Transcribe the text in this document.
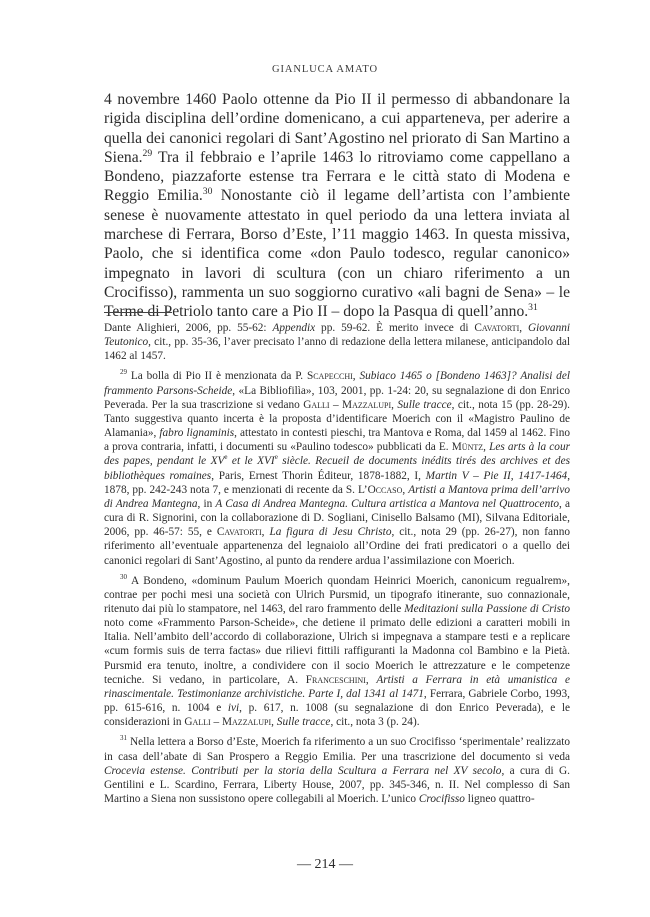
GIANLUCA AMATO

4 novembre 1460 Paolo ottenne da Pio II il permesso di abbandonare la rigida disciplina dell’ordine domenicano, a cui apparteneva, per aderire a quella dei canonici regolari di Sant’Agostino nel priorato di San Martino a Siena.$^{29}$ Tra il febbraio e l’aprile 1463 lo ritroviamo come cappellano a Bondeno, piazzaforte estense tra Ferrara e le città stato di Modena e Reggio Emilia.$^{30}$ Nonostante ciò il legame dell’artista con l’ambiente senese è nuovamente attestato in quel periodo da una lettera inviata al marchese di Ferrara, Borso d’Este, l’11 maggio 1463. In questa missiva, Paolo, che si identifica come «don Paulo todesco, regular canonico» impegnato in lavori di scultura (con un chiaro riferimento a un Crocifisso), rammenta un suo soggiorno curativo «ali bagni de Sena» – le Terme di Petriolo tanto care a Pio II – dopo la Pasqua di quell’anno.$^{31}$

Dante Alighieri, 2006, pp. 55-62: Appendix pp. 59-62. È merito invece di Cavatorti, Giovanni Teutonico, cit., pp. 35-36, l’aver precisato l’anno di redazione della lettera milanese, anticipandolo dal 1462 al 1457.

$^{29}$ La bolla di Pio II è menzionata da P. Scapecchi, Subiaco 1465 o [Bondeno 1463]? Analisi del frammento Parsons-Scheide, «La Bibliofilìa», 103, 2001, pp. 1-24: 20, su segnalazione di don Enrico Peverada. Per la sua trascrizione si vedano Galli – Mazzalupi, Sulle tracce, cit., nota 15 (pp. 28-29). Tanto suggestiva quanto incerta è la proposta d’identificare Moerich con il «Magistro Paulino de Alamania», fabro lignaminis, attestato in contesti pieschi, tra Mantova e Roma, dal 1459 al 1462. Fino a prova contraria, infatti, i documenti su «Paulino todesco» pubblicati da E. Müntz, Les arts à la cour des papes, pendant le XVe et le XVIe siècle. Recueil de documents inédits tirés des archives et des bibliothèques romaines, Paris, Ernest Thorin Éditeur, 1878-1882, I, Martin V – Pie II, 1417-1464, 1878, pp. 242-243 nota 7, e menzionati di recente da S. L’Occaso, Artisti a Mantova prima dell’arrivo di Andrea Mantegna, in A Casa di Andrea Mantegna. Cultura artistica a Mantova nel Quattrocento, a cura di R. Signorini, con la collaborazione di D. Sogliani, Cinisello Balsamo (MI), Silvana Editoriale, 2006, pp. 46-57: 55, e Cavatorti, La figura di Jesu Christo, cit., nota 29 (pp. 26-27), non fanno riferimento all’eventuale appartenenza del legnaiolo all’Ordine dei frati predicatori o a quello dei canonici regolari di Sant’Agostino, al punto da rendere ardua l’assimilazione con Moerich.

$^{30}$ A Bondeno, «dominum Paulum Moerich quondam Heinrici Moerich, canonicum regualrem», contrae per pochi mesi una società con Ulrich Pursmid, un tipografo itinerante, suo connazionale, ritenuto dai più lo stampatore, nel 1463, del raro frammento delle Meditazioni sulla Passione di Cristo noto come «Frammento Parson-Scheide», che detiene il primato delle edizioni a caratteri mobili in Italia. Nell’ambito dell’accordo di collaborazione, Ulrich si impegnava a stampare testi e a replicare «cum formis suis de terra factas» due rilievi fittili raffiguranti la Madonna col Bambino e la Pietà. Pursmid era tenuto, inoltre, a condividere con il socio Moerich le attrezzature e le competenze tecniche. Si vedano, in particolare, A. Franceschini, Artisti a Ferrara in età umanistica e rinascimentale. Testimonianze archivistiche. Parte I, dal 1341 al 1471, Ferrara, Gabriele Corbo, 1993, pp. 615-616, n. 1004 e ivi, p. 617, n. 1008 (su segnalazione di don Enrico Peverada), e le considerazioni in Galli – Mazzalupi, Sulle tracce, cit., nota 3 (p. 24).

$^{31}$ Nella lettera a Borso d’Este, Moerich fa riferimento a un suo Crocifisso ‘sperimentale’ realizzato in casa dell’abate di San Prospero a Reggio Emilia. Per una trascrizione del documento si veda Crocevia estense. Contributi per la storia della Scultura a Ferrara nel XV secolo, a cura di G. Gentilini e L. Scardino, Ferrara, Liberty House, 2007, pp. 345-346, n. II. Nel complesso di San Martino a Siena non sussistono opere collegabili al Moerich. L’unico Crocifisso ligneo quattro-

— 214 —
